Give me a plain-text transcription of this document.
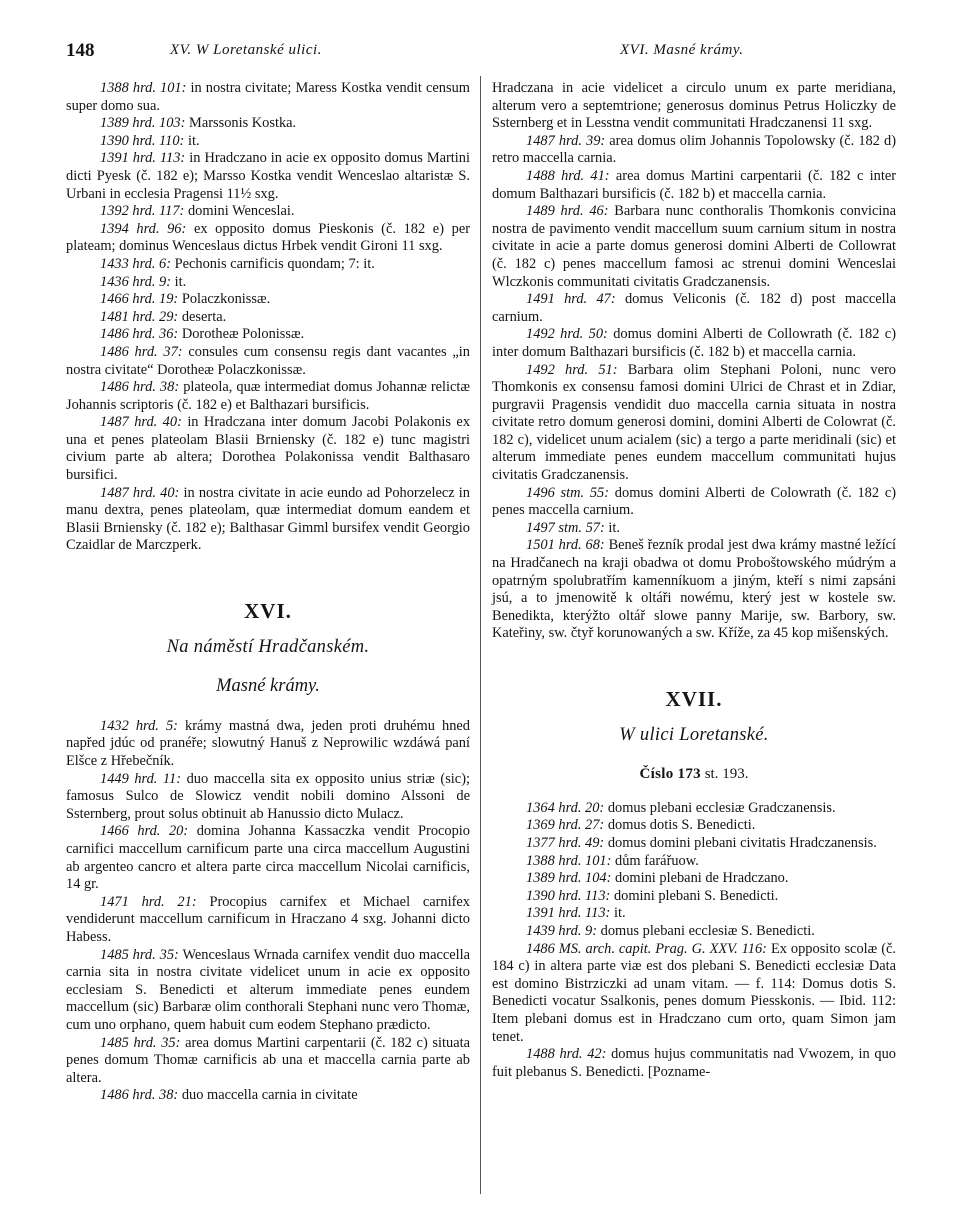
148	XV. W Loretanské ulici.	XVI. Masné krámy.

1388 hrd. 101: in nostra civitate; Maress Kostka vendit censum super domo sua.

1389 hrd. 103: Marssonis Kostka.

1390 hrd. 110: it.

1391 hrd. 113: in Hradczano in acie ex opposito domus Martini dicti Pyesk (č. 182 e); Marsso Kostka vendit Wenceslao altaristæ S. Urbani in ecclesia Pragensi 11½ sxg.

1392 hrd. 117: domini Wenceslai.

1394 hrd. 96: ex opposito domus Pieskonis (č. 182 e) per plateam; dominus Wenceslaus dictus Hrbek vendit Gironi 11 sxg.

1433 hrd. 6: Pechonis carnificis quondam; 7: it.

1436 hrd. 9: it.

1466 hrd. 19: Polaczkonissæ.

1481 hrd. 29: deserta.

1486 hrd. 36: Dorotheæ Polonissæ.

1486 hrd. 37: consules cum consensu regis dant vacantes „in nostra civitate“ Dorotheæ Polaczkonissæ.

1486 hrd. 38: plateola, quæ intermediat domus Johannæ relictæ Johannis scriptoris (č. 182 e) et Balthazari bursificis.

1487 hrd. 40: in Hradczana inter domum Jacobi Polakonis ex una et penes plateolam Blasii Brniensky (č. 182 e) tunc magistri civium parte ab altera; Dorothea Polakonissa vendit Balthasaro bursifici.

1487 hrd. 40: in nostra civitate in acie eundo ad Pohorzelecz in manu dextra, penes plateolam, quæ intermediat domum eandem et Blasii Brniensky (č. 182 e); Balthasar Gimml bursifex vendit Georgio Czaidlar de Marczperk.

XVI.

Na náměstí Hradčanském.

Masné krámy.

1432 hrd. 5: krámy mastná dwa, jeden proti druhému hned napřed jdúc od pranéře; slowutný Hanuš z Neprowilic wzdáwá paní Elšce z Hřebečník.

1449 hrd. 11: duo maccella sita ex opposito unius striæ (sic); famosus Sulco de Slowicz vendit nobili domino Alssoni de Ssternberg, prout solus obtinuit ab Hanussio dicto Mulacz.

1466 hrd. 20: domina Johanna Kassaczka vendit Procopio carnifici maccellum carnificum parte una circa maccellum Augustini ab argenteo cancro et altera parte circa maccellum Nicolai carnificis, 14 gr.

1471 hrd. 21: Procopius carnifex et Michael carnifex vendiderunt maccellum carnificum in Hraczano 4 sxg. Johanni dicto Habess.

1485 hrd. 35: Wenceslaus Wrnada carnifex vendit duo maccella carnia sita in nostra civitate videlicet unum in acie ex opposito ecclesiam S. Benedicti et alterum immediate penes eundem maccellum (sic) Barbaræ olim conthorali Stephani nunc vero Thomæ, cum uno orphano, quem habuit cum eodem Stephano prædicto.

1485 hrd. 35: area domus Martini carpentarii (č. 182 c) situata penes domum Thomæ carnificis ab una et maccella carnia parte ab altera.

1486 hrd. 38: duo maccella carnia in civitate

Hradczana in acie videlicet a circulo unum ex parte meridiana, alterum vero a septemtrione; generosus dominus Petrus Holiczky de Ssternberg et in Lesstna vendit communitati Hradczanensi 11 sxg.

1487 hrd. 39: area domus olim Johannis Topolowsky (č. 182 d) retro maccella carnia.

1488 hrd. 41: area domus Martini carpentarii (č. 182 c inter domum Balthazari bursificis (č. 182 b) et maccella carnia.

1489 hrd. 46: Barbara nunc conthoralis Thomkonis convicina nostra de pavimento vendit maccellum suum carnium situm in nostra civitate in acie a parte domus generosi domini Alberti de Collowrat (č. 182 c) penes maccellum famosi ac strenui domini Wenceslai Wlczkonis communitati civitatis Gradczanensis.

1491 hrd. 47: domus Veliconis (č. 182 d) post maccella carnium.

1492 hrd. 50: domus domini Alberti de Collowrath (č. 182 c) inter domum Balthazari bursificis (č. 182 b) et maccella carnia.

1492 hrd. 51: Barbara olim Stephani Poloni, nunc vero Thomkonis ex consensu famosi domini Ulrici de Chrast et in Zdiar, purgravii Pragensis vendidit duo maccella carnia situata in nostra civitate retro domum generosi domini, domini Alberti de Colowrat (č. 182 c), videlicet unum acialem (sic) a tergo a parte meridinali (sic) et alterum immediate penes eundem maccellum communitati hujus civitatis Gradczanensis.

1496 stm. 55: domus domini Alberti de Colowrath (č. 182 c) penes maccella carnium.

1497 stm. 57: it.

1501 hrd. 68: Beneš řezník prodal jest dwa krámy mastné ležící na Hradčanech na kraji obadwa ot domu Proboštowského múdrým a opatrným spolubratřím kamenníkuom a jiným, kteří s nimi zapsáni jsú, a to jmenowitě k oltáři nowému, který jest w kostele sw. Benedikta, kterýžto oltář slowe panny Marije, sw. Barbory, sw. Kateřiny, sw. čtyř korunowaných a sw. Kříže, za 45 kop mišenských.

XVII.

W ulici Loretanské.

Číslo 173 st. 193.

1364 hrd. 20: domus plebani ecclesiæ Gradczanensis.

1369 hrd. 27: domus dotis S. Benedicti.

1377 hrd. 49: domus domini plebani civitatis Hradczanensis.

1388 hrd. 101: dům farářuow.

1389 hrd. 104: domini plebani de Hradczano.

1390 hrd. 113: domini plebani S. Benedicti.

1391 hrd. 113: it.

1439 hrd. 9: domus plebani ecclesiæ S. Benedicti.

1486 MS. arch. capit. Prag. G. XXV. 116: Ex opposito scolæ (č. 184 c) in altera parte viæ est dos plebani S. Benedicti ecclesiæ Data est domino Bistrziczki ad unam vitam. — f. 114: Domus dotis S. Benedicti vocatur Ssalkonis, penes domum Piesskonis. — Ibid. 112: Item plebani domus est in Hradczano cum orto, quam Simon jam tenet.

1488 hrd. 42: domus hujus communitatis nad Vwozem, in quo fuit plebanus S. Benedicti. [Pozname-
